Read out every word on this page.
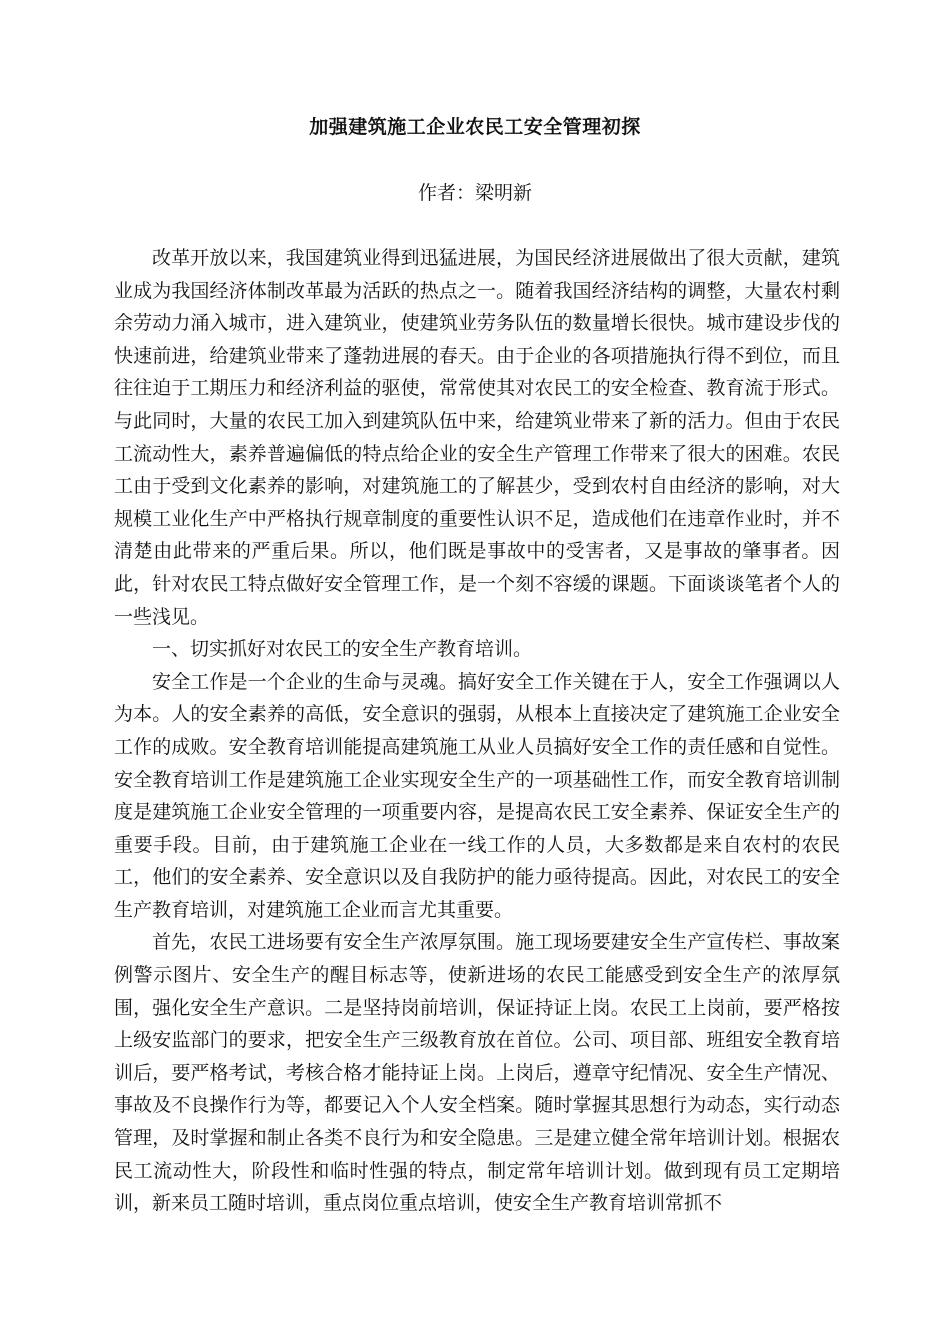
加强建筑施工企业农民工安全管理初探
作者：梁明新

改革开放以来，我国建筑业得到迅猛进展，为国民经济进展做出了很大贡献，建筑业成为我国经济体制改革最为活跃的热点之一。随着我国经济结构的调整，大量农村剩余劳动力涌入城市，进入建筑业，使建筑业劳务队伍的数量增长很快。城市建设步伐的快速前进，给建筑业带来了蓬勃进展的春天。由于企业的各项措施执行得不到位，而且往往迫于工期压力和经济利益的驱使，常常使其对农民工的安全检查、教育流于形式。与此同时，大量的农民工加入到建筑队伍中来，给建筑业带来了新的活力。但由于农民工流动性大，素养普遍偏低的特点给企业的安全生产管理工作带来了很大的困难。农民工由于受到文化素养的影响，对建筑施工的了解甚少，受到农村自由经济的影响，对大规模工业化生产中严格执行规章制度的重要性认识不足，造成他们在违章作业时，并不清楚由此带来的严重后果。所以，他们既是事故中的受害者，又是事故的肇事者。因此，针对农民工特点做好安全管理工作，是一个刻不容缓的课题。下面谈谈笔者个人的一些浅见。

一、切实抓好对农民工的安全生产教育培训。

安全工作是一个企业的生命与灵魂。搞好安全工作关键在于人，安全工作强调以人为本。人的安全素养的高低，安全意识的强弱，从根本上直接决定了建筑施工企业安全工作的成败。安全教育培训能提高建筑施工从业人员搞好安全工作的责任感和自觉性。安全教育培训工作是建筑施工企业实现安全生产的一项基础性工作，而安全教育培训制度是建筑施工企业安全管理的一项重要内容，是提高农民工安全素养、保证安全生产的重要手段。目前，由于建筑施工企业在一线工作的人员，大多数都是来自农村的农民工，他们的安全素养、安全意识以及自我防护的能力亟待提高。因此，对农民工的安全生产教育培训，对建筑施工企业而言尤其重要。

首先，农民工进场要有安全生产浓厚氛围。施工现场要建安全生产宣传栏、事故案例警示图片、安全生产的醒目标志等，使新进场的农民工能感受到安全生产的浓厚氛围，强化安全生产意识。二是坚持岗前培训，保证持证上岗。农民工上岗前，要严格按上级安监部门的要求，把安全生产三级教育放在首位。公司、项目部、班组安全教育培训后，要严格考试，考核合格才能持证上岗。上岗后，遵章守纪情况、安全生产情况、事故及不良操作行为等，都要记入个人安全档案。随时掌握其思想行为动态，实行动态管理，及时掌握和制止各类不良行为和安全隐患。三是建立健全常年培训计划。根据农民工流动性大，阶段性和临时性强的特点，制定常年培训计划。做到现有员工定期培训，新来员工随时培训，重点岗位重点培训，使安全生产教育培训常抓不
